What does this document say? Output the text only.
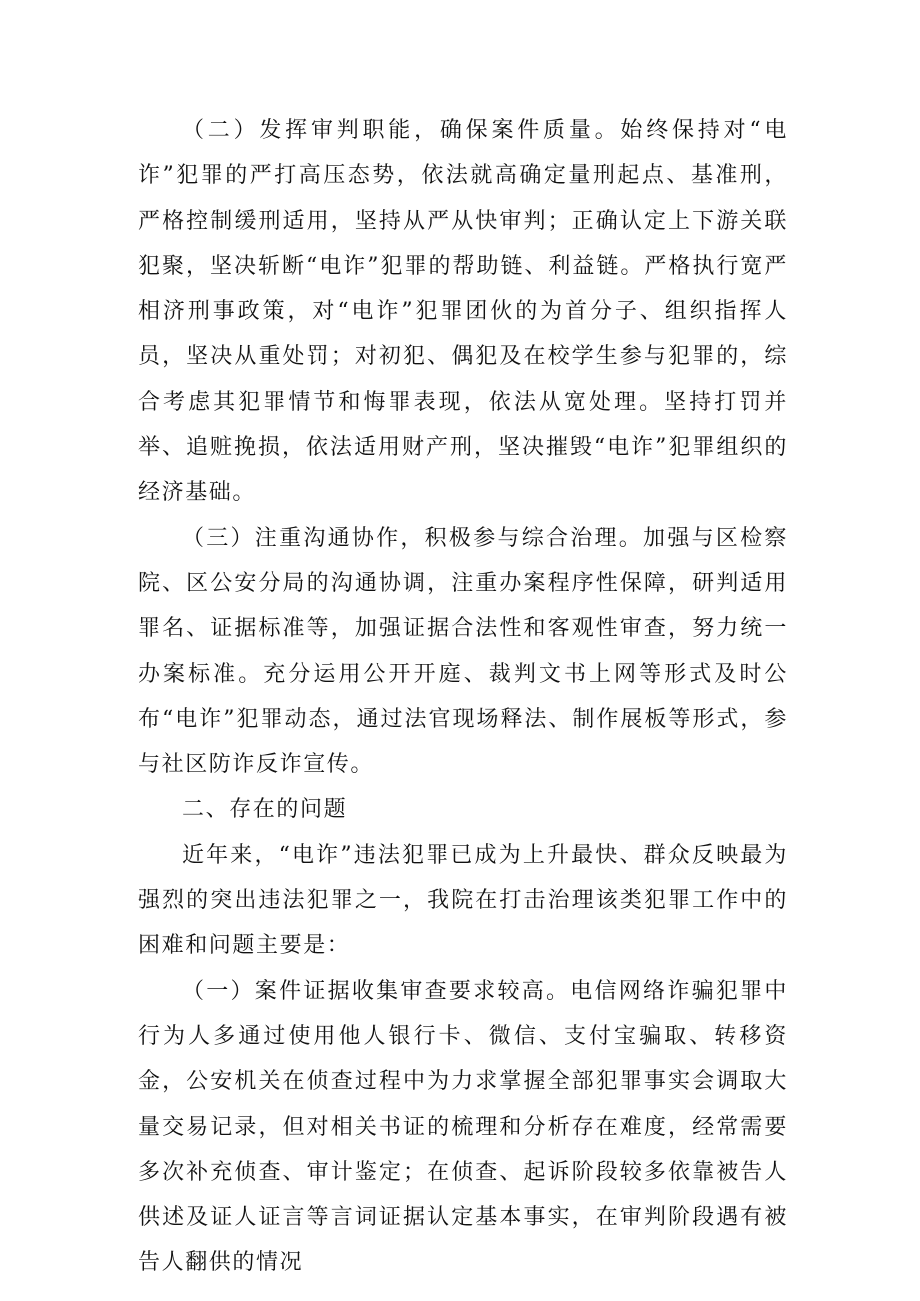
（二）发挥审判职能，确保案件质量。始终保持对“电诈”犯罪的严打高压态势，依法就高确定量刑起点、基准刑，严格控制缓刑适用，坚持从严从快审判；正确认定上下游关联犯聚，坚决斩断“电诈”犯罪的帮助链、利益链。严格执行宽严相济刑事政策，对“电诈”犯罪团伙的为首分子、组织指挥人员，坚决从重处罚；对初犯、偶犯及在校学生参与犯罪的，综合考虑其犯罪情节和悔罪表现，依法从宽处理。坚持打罚并举、追赃挽损，依法适用财产刑，坚决摧毁“电诈”犯罪组织的经济基础。

（三）注重沟通协作，积极参与综合治理。加强与区检察院、区公安分局的沟通协调，注重办案程序性保障，研判适用罪名、证据标准等，加强证据合法性和客观性审查，努力统一办案标准。充分运用公开开庭、裁判文书上网等形式及时公布“电诈”犯罪动态，通过法官现场释法、制作展板等形式，参与社区防诈反诈宣传。

二、存在的问题

近年来，“电诈”违法犯罪已成为上升最快、群众反映最为强烈的突出违法犯罪之一，我院在打击治理该类犯罪工作中的困难和问题主要是：

（一）案件证据收集审查要求较高。电信网络诈骗犯罪中行为人多通过使用他人银行卡、微信、支付宝骗取、转移资金，公安机关在侦查过程中为力求掌握全部犯罪事实会调取大量交易记录，但对相关书证的梳理和分析存在难度，经常需要多次补充侦查、审计鉴定；在侦查、起诉阶段较多依靠被告人供述及证人证言等言词证据认定基本事实，在审判阶段遇有被告人翻供的情况
